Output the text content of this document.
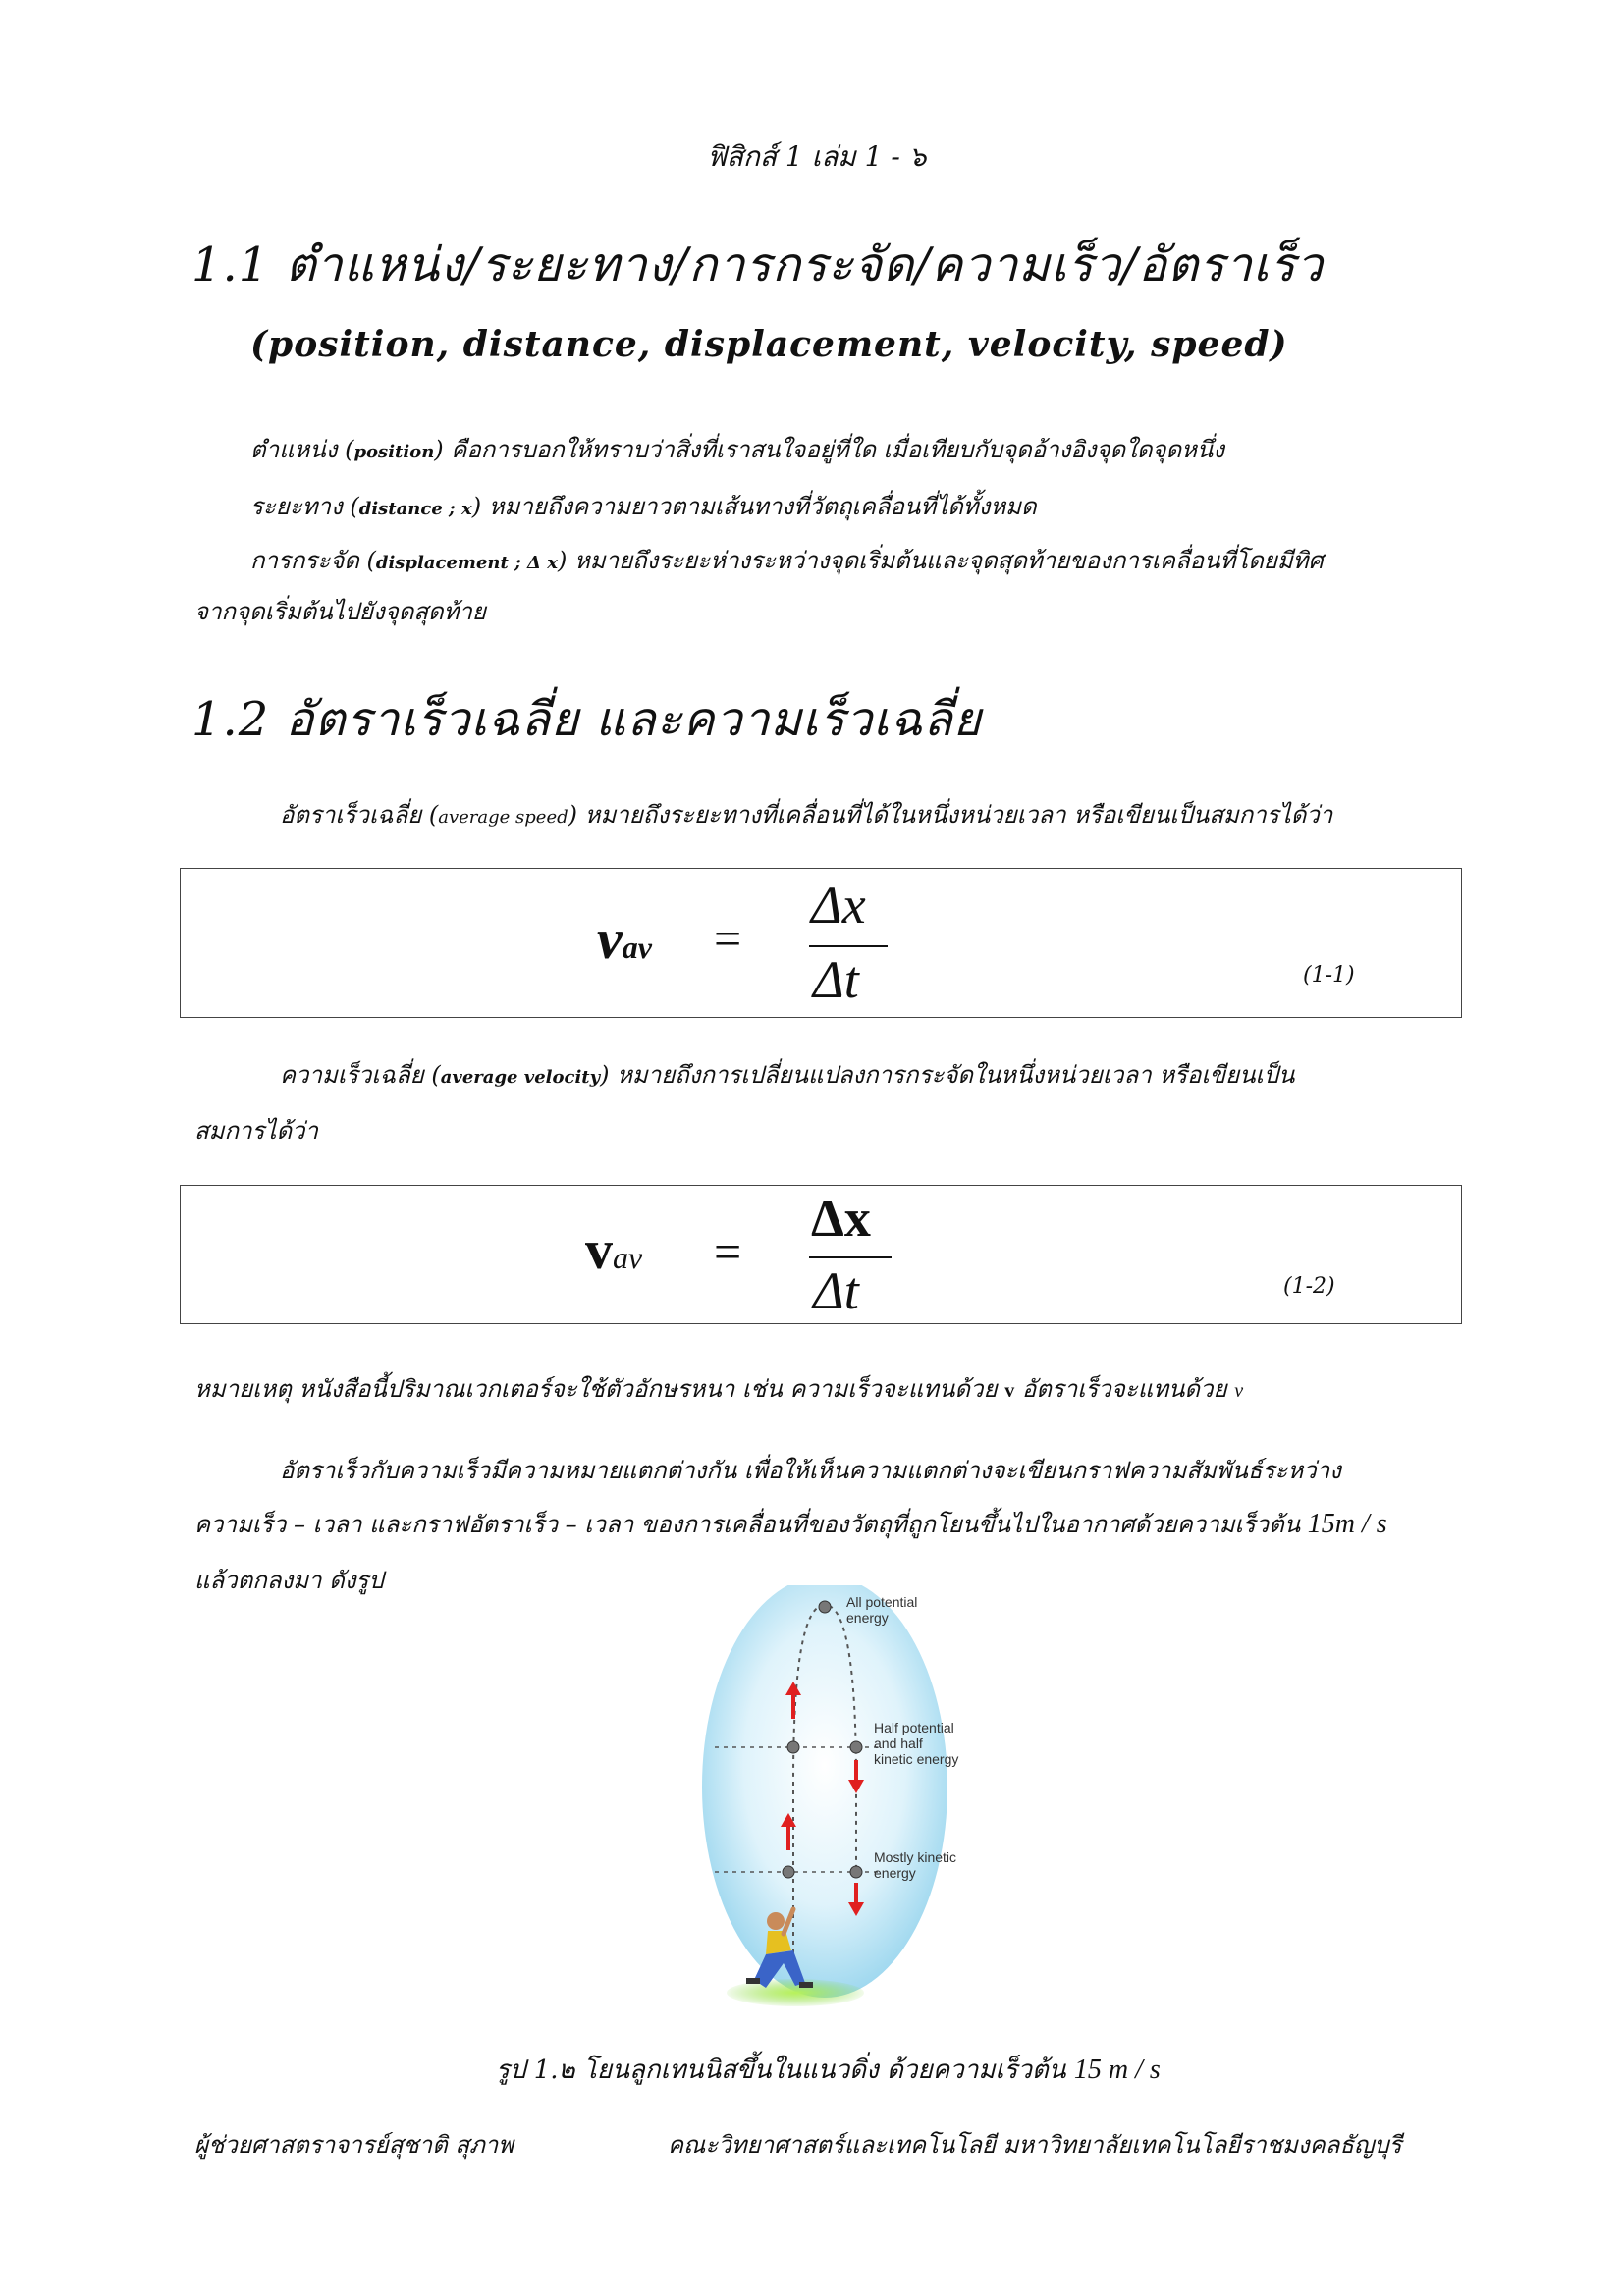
ฟิสิกส์ 1 เล่ม 1 - ๖
1.1 ตำแหน่ง/ระยะทาง/การกระจัด/ความเร็ว/อัตราเร็ว
(position, distance, displacement, velocity, speed)
ตำแหน่ง (position) คือการบอกให้ทราบว่าสิ่งที่เราสนใจอยู่ที่ใด เมื่อเทียบกับจุดอ้างอิงจุดใดจุดหนึ่ง
ระยะทาง (distance ; x) หมายถึงความยาวตามเส้นทางที่วัตถุเคลื่อนที่ได้ทั้งหมด
การกระจัด (displacement ; Δ x) หมายถึงระยะห่างระหว่างจุดเริ่มต้นและจุดสุดท้ายของการเคลื่อนที่โดยมีทิศ
จากจุดเริ่มต้นไปยังจุดสุดท้าย
1.2 อัตราเร็วเฉลี่ย และความเร็วเฉลี่ย
อัตราเร็วเฉลี่ย (average speed) หมายถึงระยะทางที่เคลื่อนที่ได้ในหนึ่งหน่วยเวลา หรือเขียนเป็นสมการได้ว่า
vav =
Δx
Δt	(1-1)
ความเร็วเฉลี่ย (average velocity) หมายถึงการเปลี่ยนแปลงการกระจัดในหนึ่งหน่วยเวลา หรือเขียนเป็น
สมการได้ว่า
vav =
Δx
Δt	(1-2)
หมายเหตุ หนังสือนี้ปริมาณเวกเตอร์จะใช้ตัวอักษรหนา เช่น ความเร็วจะแทนด้วย v อัตราเร็วจะแทนด้วย v
อัตราเร็วกับความเร็วมีความหมายแตกต่างกัน เพื่อให้เห็นความแตกต่างจะเขียนกราฟความสัมพันธ์ระหว่าง
ความเร็ว – เวลา และกราฟอัตราเร็ว – เวลา ของการเคลื่อนที่ของวัตถุที่ถูกโยนขึ้นไปในอากาศด้วยความเร็วต้น 15m / s
แล้วตกลงมา ดังรูป
All potential
energy
Half potential
and half
kinetic energy
Mostly kinetic
energy
รูป 1.๒ โยนลูกเทนนิสขึ้นในแนวดิ่ง ด้วยความเร็วต้น 15 m / s
ผู้ช่วยศาสตราจารย์สุชาติ สุภาพ	คณะวิทยาศาสตร์และเทคโนโลยี มหาวิทยาลัยเทคโนโลยีราชมงคลธัญบุรี
